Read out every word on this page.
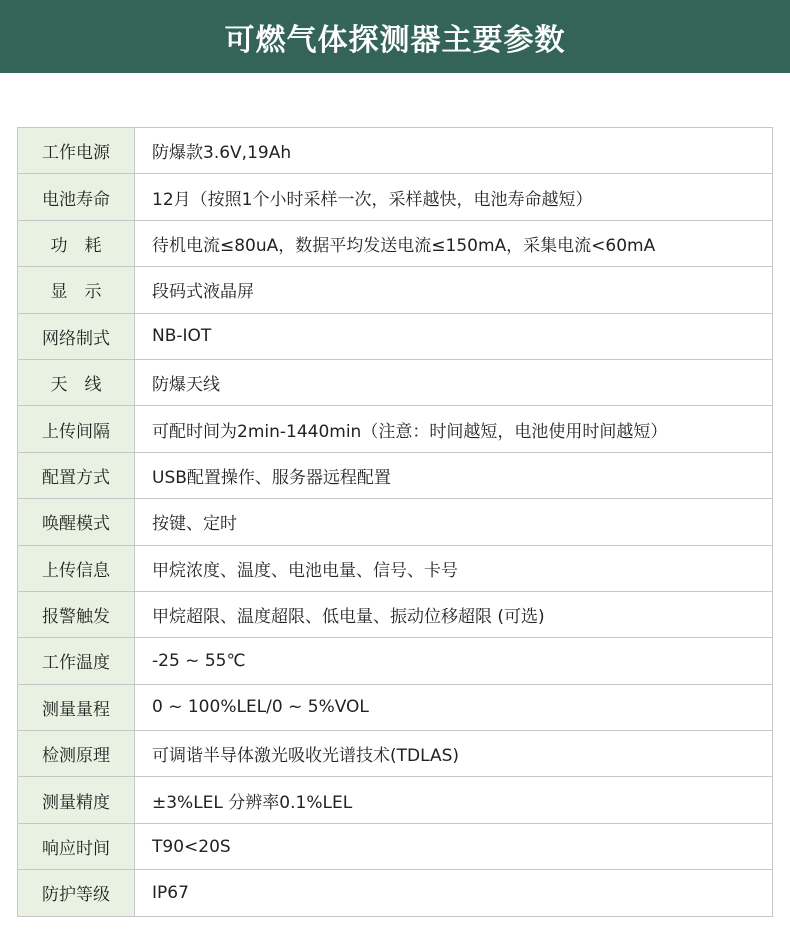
可燃气体探测器主要参数
工作电源	防爆款3.6V,19Ah
电池寿命	12月（按照1个小时采样一次，采样越快，电池寿命越短）
功　耗	待机电流≤80uA，数据平均发送电流≤150mA，采集电流<60mA
显　示	段码式液晶屏
网络制式	NB-IOT
天　线	防爆天线
上传间隔	可配时间为2min-1440min（注意：时间越短，电池使用时间越短）
配置方式	USB配置操作、服务器远程配置
唤醒模式	按键、定时
上传信息	甲烷浓度、温度、电池电量、信号、卡号
报警触发	甲烷超限、温度超限、低电量、振动位移超限 (可选)
工作温度	-25 ~ 55℃
测量量程	0 ~ 100%LEL/0 ~ 5%VOL
检测原理	可调谐半导体激光吸收光谱技术(TDLAS)
测量精度	±3%LEL 分辨率0.1%LEL
响应时间	T90<20S
防护等级	IP67
